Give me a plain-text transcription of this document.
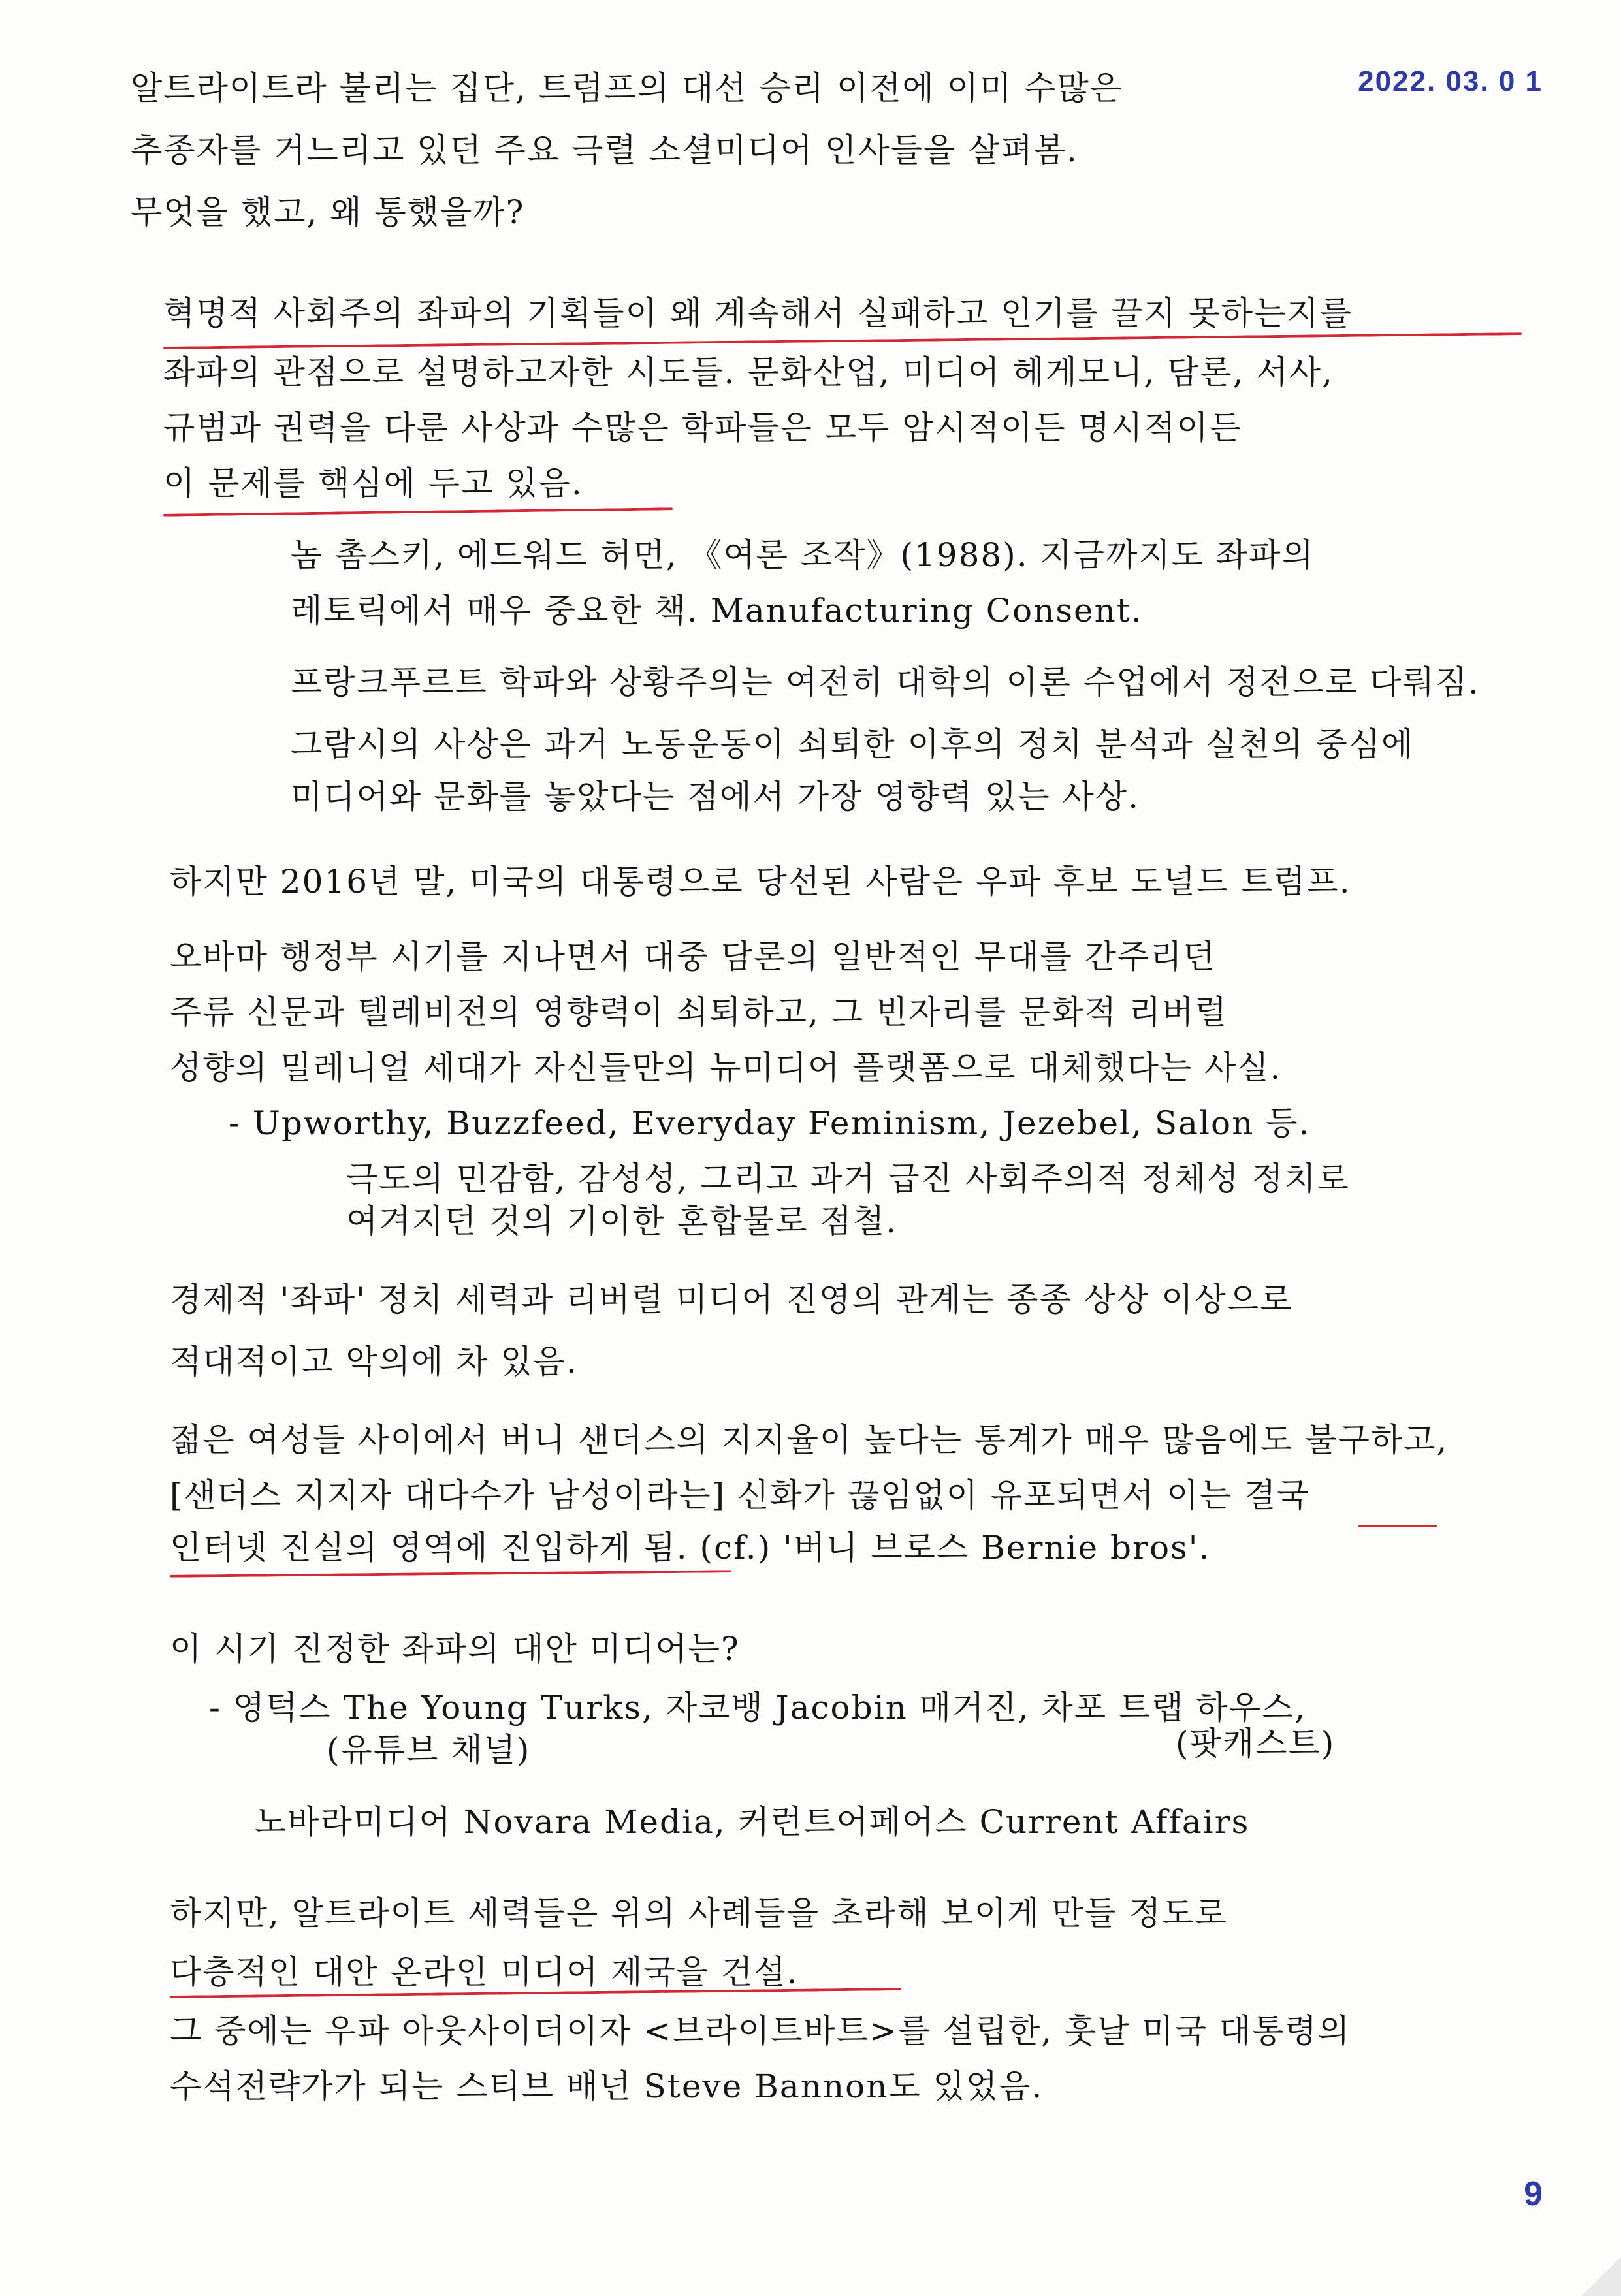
2022. 03. 0 1
알트라이트라 불리는 집단, 트럼프의 대선 승리 이전에 이미 수많은
추종자를 거느리고 있던 주요 극렬 소셜미디어 인사들을 살펴봄.
무엇을 했고, 왜 통했을까?
혁명적 사회주의 좌파의 기획들이 왜 계속해서 실패하고 인기를 끌지 못하는지를
좌파의 관점으로 설명하고자한 시도들. 문화산업, 미디어 헤게모니, 담론, 서사,
규범과 권력을 다룬 사상과 수많은 학파들은 모두 암시적이든 명시적이든
이 문제를 핵심에 두고 있음.
놈 촘스키, 에드워드 허먼, 《여론 조작》(1988). 지금까지도 좌파의
레토릭에서 매우 중요한 책. Manufacturing Consent.
프랑크푸르트 학파와 상황주의는 여전히 대학의 이론 수업에서 정전으로 다뤄짐.
그람시의 사상은 과거 노동운동이 쇠퇴한 이후의 정치 분석과 실천의 중심에
미디어와 문화를 놓았다는 점에서 가장 영향력 있는 사상.
하지만 2016년 말, 미국의 대통령으로 당선된 사람은 우파 후보 도널드 트럼프.
오바마 행정부 시기를 지나면서 대중 담론의 일반적인 무대를 간주리던
주류 신문과 텔레비전의 영향력이 쇠퇴하고, 그 빈자리를 문화적 리버럴
성향의 밀레니얼 세대가 자신들만의 뉴미디어 플랫폼으로 대체했다는 사실.
- Upworthy, Buzzfeed, Everyday Feminism, Jezebel, Salon 등.
극도의 민감함, 감성성, 그리고 과거 급진 사회주의적 정체성 정치로
여겨지던 것의 기이한 혼합물로 점철.
경제적 '좌파' 정치 세력과 리버럴 미디어 진영의 관계는 종종 상상 이상으로
적대적이고 악의에 차 있음.
젊은 여성들 사이에서 버니 샌더스의 지지율이 높다는 통계가 매우 많음에도 불구하고,
[샌더스 지지자 대다수가 남성이라는] 신화가 끊임없이 유포되면서 이는 결국
인터넷 진실의 영역에 진입하게 됨. (cf.) '버니 브로스 Bernie bros'.
이 시기 진정한 좌파의 대안 미디어는?
- 영턱스 The Young Turks, 자코뱅 Jacobin 매거진, 차포 트랩 하우스,
(유튜브 채널)	(팟캐스트)
노바라미디어 Novara Media, 커런트어페어스 Current Affairs
하지만, 알트라이트 세력들은 위의 사례들을 초라해 보이게 만들 정도로
다층적인 대안 온라인 미디어 제국을 건설.
그 중에는 우파 아웃사이더이자 <브라이트바트>를 설립한, 훗날 미국 대통령의
수석전략가가 되는 스티브 배넌 Steve Bannon도 있었음.
9
